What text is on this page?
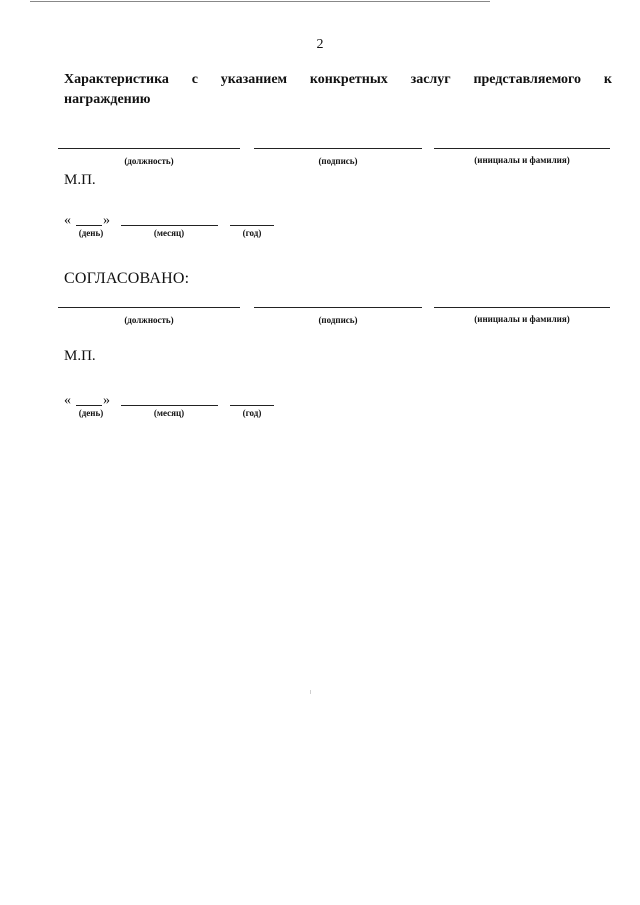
2
Характеристика с указанием конкретных заслуг представляемого к
награждению
(должность)	(подпись)	(инициалы и фамилия)
М.П.
« »
(день)	(месяц)	(год)
СОГЛАСОВАНО:
(должность)	(подпись)	(инициалы и фамилия)
М.П.
« »
(день)	(месяц)	(год)
